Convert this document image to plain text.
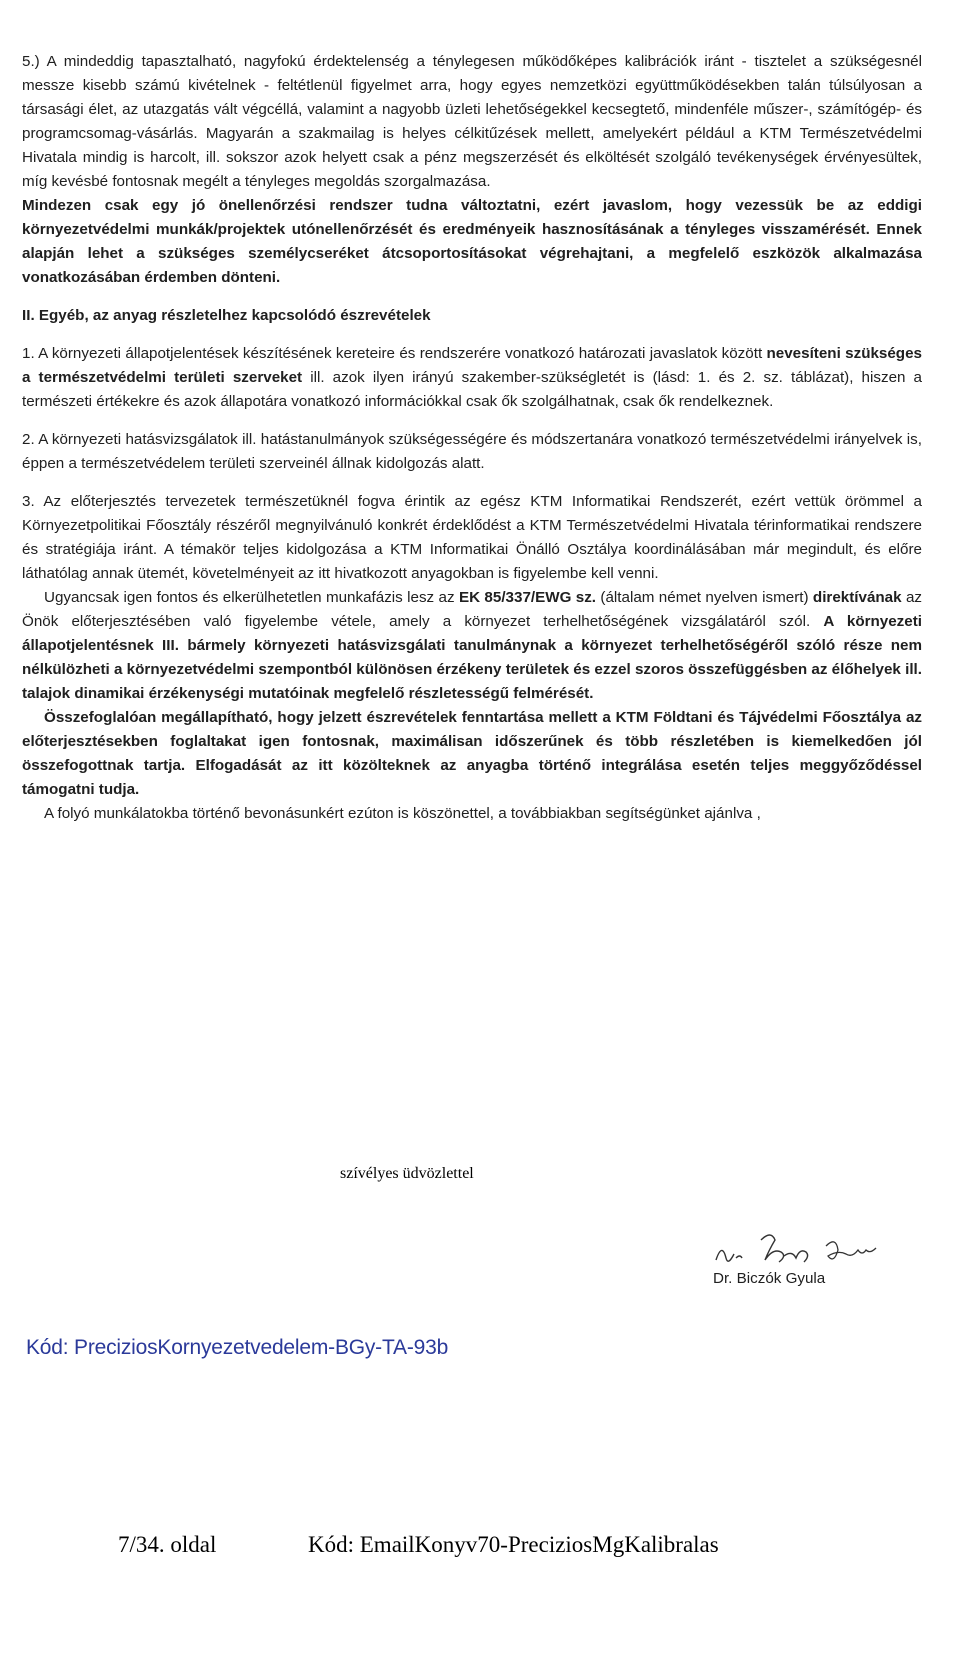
5.) A mindeddig tapasztalható, nagyfokú érdektelenség a ténylegesen működőképes kalibrációk iránt - tisztelet a szükségesnél messze kisebb számú kivételnek - feltétlenül figyelmet arra, hogy egyes nemzetközi együttműködésekben talán túlsúlyosan a társasági élet, az utazgatás vált végcéllá, valamint a nagyobb üzleti lehetőségekkel kecsegtető, mindenféle műszer-, számítógép- és programcsomag-vásárlás. Magyarán a szakmailag is helyes célkitűzések mellett, amelyekért például a KTM Természetvédelmi Hivatala mindig is harcolt, ill. sokszor azok helyett csak a pénz megszerzését és elköltését szolgáló tevékenységek érvényesültek, míg kevésbé fontosnak megélt a tényleges megoldás szorgalmazása.

Mindezen csak egy jó önellenőrzési rendszer tudna változtatni, ezért javaslom, hogy vezessük be az eddigi környezetvédelmi munkák/projektek utónellenőrzését és eredményeik hasznosításának a tényleges visszamérését. Ennek alapján lehet a szükséges személycseréket átcsoportosításokat végrehajtani, a megfelelő eszközök alkalmazása vonatkozásában érdemben dönteni.

II. Egyéb, az anyag részletelhez kapcsolódó észrevételek

1. A környezeti állapotjelentések készítésének kereteire és rendszerére vonatkozó határozati javaslatok között nevesíteni szükséges a természetvédelmi területi szerveket ill. azok ilyen irányú szakember-szükségletét is (lásd: 1. és 2. sz. táblázat), hiszen a természeti értékekre és azok állapotára vonatkozó információkkal csak ők szolgálhatnak, csak ők rendelkeznek.

2. A környezeti hatásvizsgálatok ill. hatástanulmányok szükségességére és módszertanára vonatkozó természetvédelmi irányelvek is, éppen a természetvédelem területi szerveinél állnak kidolgozás alatt.

3. Az előterjesztés tervezetek természetüknél fogva érintik az egész KTM Informatikai Rendszerét, ezért vettük örömmel a Környezetpolitikai Főosztály részéről megnyilvánuló konkrét érdeklődést a KTM Természetvédelmi Hivatala térinformatikai rendszere és stratégiája iránt. A témakör teljes kidolgozása a KTM Informatikai Önálló Osztálya koordinálásában már megindult, és előre láthatólag annak ütemét, követelményeit az itt hivatkozott anyagokban is figyelembe kell venni.

Ugyancsak igen fontos és elkerülhetetlen munkafázis lesz az EK 85/337/EWG sz. (általam német nyelven ismert) direktívának az Önök előterjesztésében való figyelembe vétele, amely a környezet terhelhetőségének vizsgálatáról szól. A környezeti állapotjelentésnek III. bármely környezeti hatásvizsgálati tanulmánynak a környezet terhelhetőségéről szóló része nem nélkülözheti a környezetvédelmi szempontból különösen érzékeny területek és ezzel szoros összefüggésben az élőhelyek ill. talajok dinamikai érzékenységi mutatóinak megfelelő részletességű felmérését.

Összefoglalóan megállapítható, hogy jelzett észrevételek fenntartása mellett a KTM Földtani és Tájvédelmi Főosztálya az előterjesztésekben foglaltakat igen fontosnak, maximálisan időszerűnek és több részletében is kiemelkedően jól összefogottnak tartja. Elfogadását az itt közölteknek az anyagba történő integrálása esetén teljes meggyőződéssel támogatni tudja.

A folyó munkálatokba történő bevonásunkért ezúton is köszönettel, a továbbiakban segítségünket ajánlva ,

szívélyes üdvözlettel
Dr. Biczók Gyula
Kód: PreciziosKornyezetvedelem-BGy-TA-93b
7/34. oldal	Kód: EmailKonyv70-PreciziosMgKalibralas
